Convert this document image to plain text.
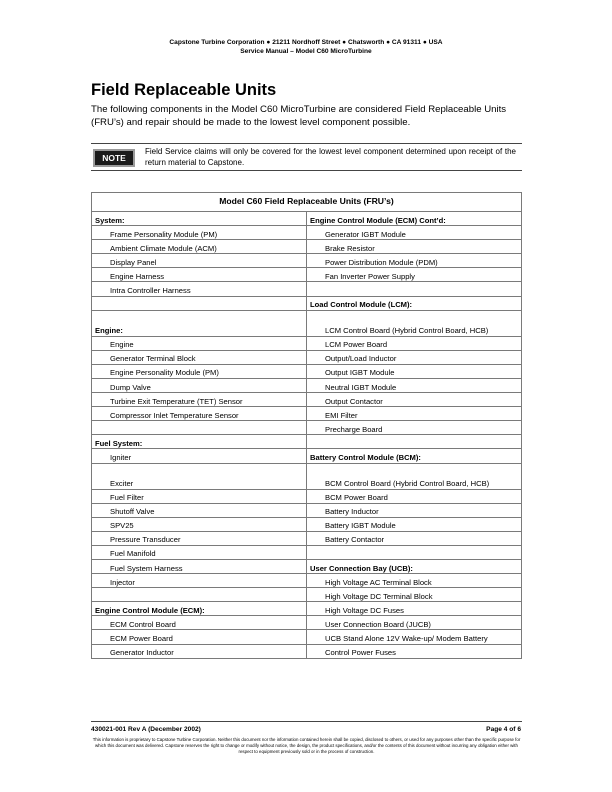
Capstone Turbine Corporation ● 21211 Nordhoff Street ● Chatsworth ● CA 91311 ● USA
Service Manual – Model C60 MicroTurbine
Field Replaceable Units

The following components in the Model C60 MicroTurbine are considered Field Replaceable Units (FRU’s) and repair should be made to the lowest level component possible.

NOTE

Field Service claims will only be covered for the lowest level component determined upon receipt of the return material to Capstone.

Model C60 Field Replaceable Units (FRU’s)	
System:	Engine Control Module (ECM) Cont’d:
Frame Personality Module (PM)	Generator IGBT Module
Ambient Climate Module (ACM)	Brake Resistor
Display Panel	Power Distribution Module (PDM)
Engine Harness	Fan Inverter Power Supply
Intra Controller Harness	
	Load Control Module (LCM):
Engine:	LCM Control Board (Hybrid Control Board, HCB)
Engine	LCM Power Board
Generator Terminal Block	Output/Load Inductor
Engine Personality Module (PM)	Output IGBT Module
Dump Valve	Neutral IGBT Module
Turbine Exit Temperature (TET) Sensor	Output Contactor
Compressor Inlet Temperature Sensor	EMI Filter
	Precharge Board
Fuel System:	
Igniter	Battery Control Module (BCM):
Exciter	BCM Control Board (Hybrid Control Board, HCB)
Fuel Filter	BCM Power Board
Shutoff Valve	Battery Inductor
SPV25	Battery IGBT Module
Pressure Transducer	Battery Contactor
Fuel Manifold	
Fuel System Harness	User Connection Bay (UCB):
Injector	High Voltage AC Terminal Block
	High Voltage DC Terminal Block
Engine Control Module (ECM):	High Voltage DC Fuses
ECM Control Board	User Connection Board (JUCB)
ECM Power Board	UCB Stand Alone 12V Wake-up/ Modem Battery
Generator Inductor	Control Power Fuses
430021-001 Rev A (December 2002)	Page 4 of 6

This information is proprietary to Capstone Turbine Corporation. Neither this document nor the information contained herein shall be copied, disclosed to others, or used for any purposes other than the specific purpose for which this document was delivered. Capstone reserves the right to change or modify without notice, the design, the product specifications, and/or the contents of this document without incurring any obligation either with respect to equipment previously sold or in the process of construction.
